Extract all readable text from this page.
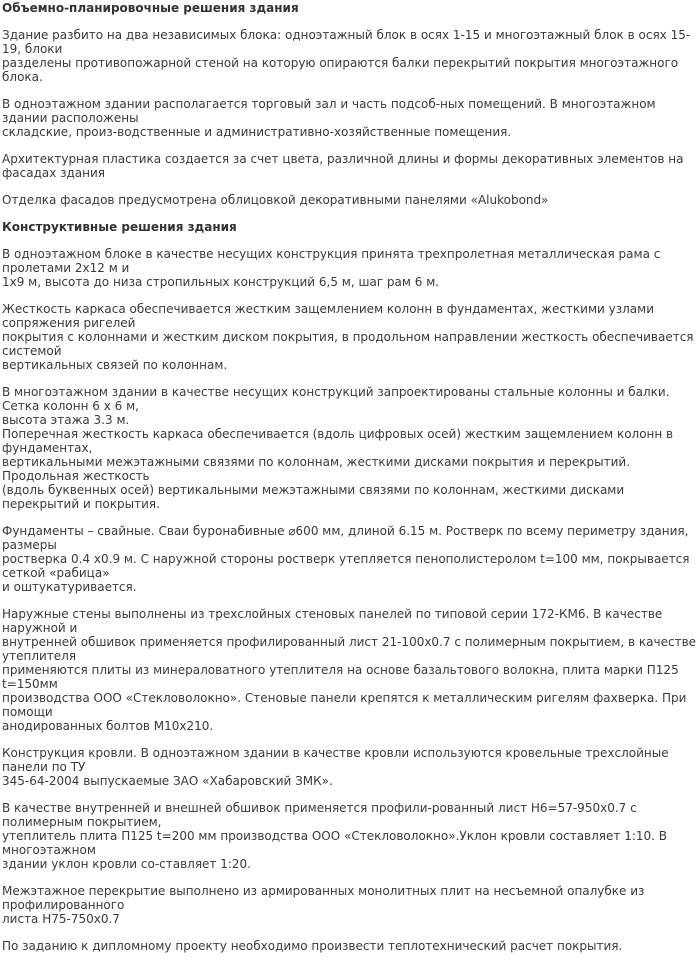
Объемно-планировочные решения здания

Здание разбито на два независимых блока: одноэтажный блок в осях 1-15 и многоэтажный блок в осях 15-19, блоки
разделены противопожарной стеной на которую опираются балки перекрытий покрытия многоэтажного блока.

В одноэтажном здании располагается торговый зал и часть подсоб-ных помещений. В многоэтажном здании расположены
складские, произ-водственные и административно-хозяйственные помещения.

Архитектурная пластика создается за счет цвета, различной длины и формы декоративных элементов на фасадах здания

Отделка фасадов предусмотрена облицовкой декоративными панелями «Alukobond»

Конструктивные решения здания

В одноэтажном блоке в качестве несущих конструкция принята трехпролетная металлическая рама с пролетами 2х12 м и
1х9 м, высота до низа стропильных конструкций 6,5 м, шаг рам 6 м.

Жесткость каркаса обеспечивается жестким защемлением колонн в фундаментах, жесткими узлами сопряжения ригелей
покрытия с колоннами и жестким диском покрытия, в продольном направлении жесткость обеспечивается системой
вертикальных связей по колоннам.

В многоэтажном здании в качестве несущих конструкций запроектированы стальные колонны и балки. Сетка колонн 6 х 6 м,
высота этажа 3.3 м.
Поперечная жесткость каркаса обеспечивается (вдоль цифровых осей) жестким защемлением колонн в фундаментах,
вертикальными межэтажными связями по колоннам, жесткими дисками покрытия и перекрытий. Продольная жесткость
(вдоль буквенных осей) вертикальными межэтажными связями по колоннам, жесткими дисками перекрытий и покрытия.

Фундаменты – свайные. Сваи буронабивные ⌀600 мм, длиной 6.15 м. Ростверк по всему периметру здания, размеры
ростверка 0.4 х0.9 м. С наружной стороны ростверк утепляется пенополистеролом t=100 мм, покрывается сеткой «рабица»
и оштукатуривается.

Наружные стены выполнены из трехслойных стеновых панелей по типовой серии 172-КМ6. В качестве наружной и
внутренней обшивок применяется профилированный лист 21-100х0.7 с полимерным покрытием, в качестве утеплителя
применяются плиты из минераловатного утеплителя на основе базальтового волокна, плита марки П125 t=150мм
производства ООО «Стекловолокно». Стеновые панели крепятся к металлическим ригелям фахверка. При помощи
анодированных болтов М10х210.

Конструкция кровли. В одноэтажном здании в качестве кровли используются кровельные трехслойные панели по ТУ
345-64-2004 выпускаемые ЗАО «Хабаровский ЗМК».

В качестве внутренней и внешней обшивок применяется профили-рованный лист Н6=57-950х0.7 с полимерным покрытием,
утеплитель плита П125 t=200 мм производства ООО «Стекловолокно».Уклон кровли составляет 1:10. В многоэтажном
здании уклон кровли со-ставляет 1:20.

Межэтажное перекрытие выполнено из армированных монолитных плит на несъемной опалубке из профилированного
листа Н75-750х0.7

По заданию к дипломному проекту необходимо произвести теплотехнический расчет покрытия.
